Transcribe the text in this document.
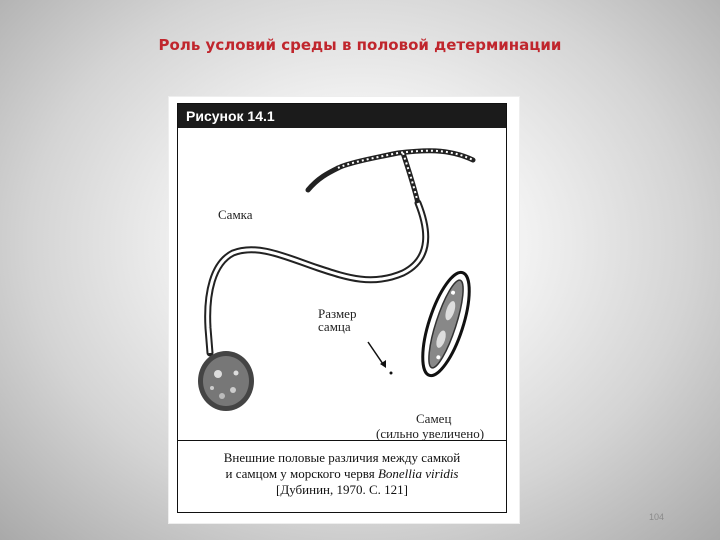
Роль условий среды в половой детерминации
Рисунок 14.1
Самка
Размер
самца
Самец
(сильно увеличено)
Внешние половые различия между самкой
и самцом у морского червя Bonellia viridis
[Дубинин, 1970. С. 121]
104
